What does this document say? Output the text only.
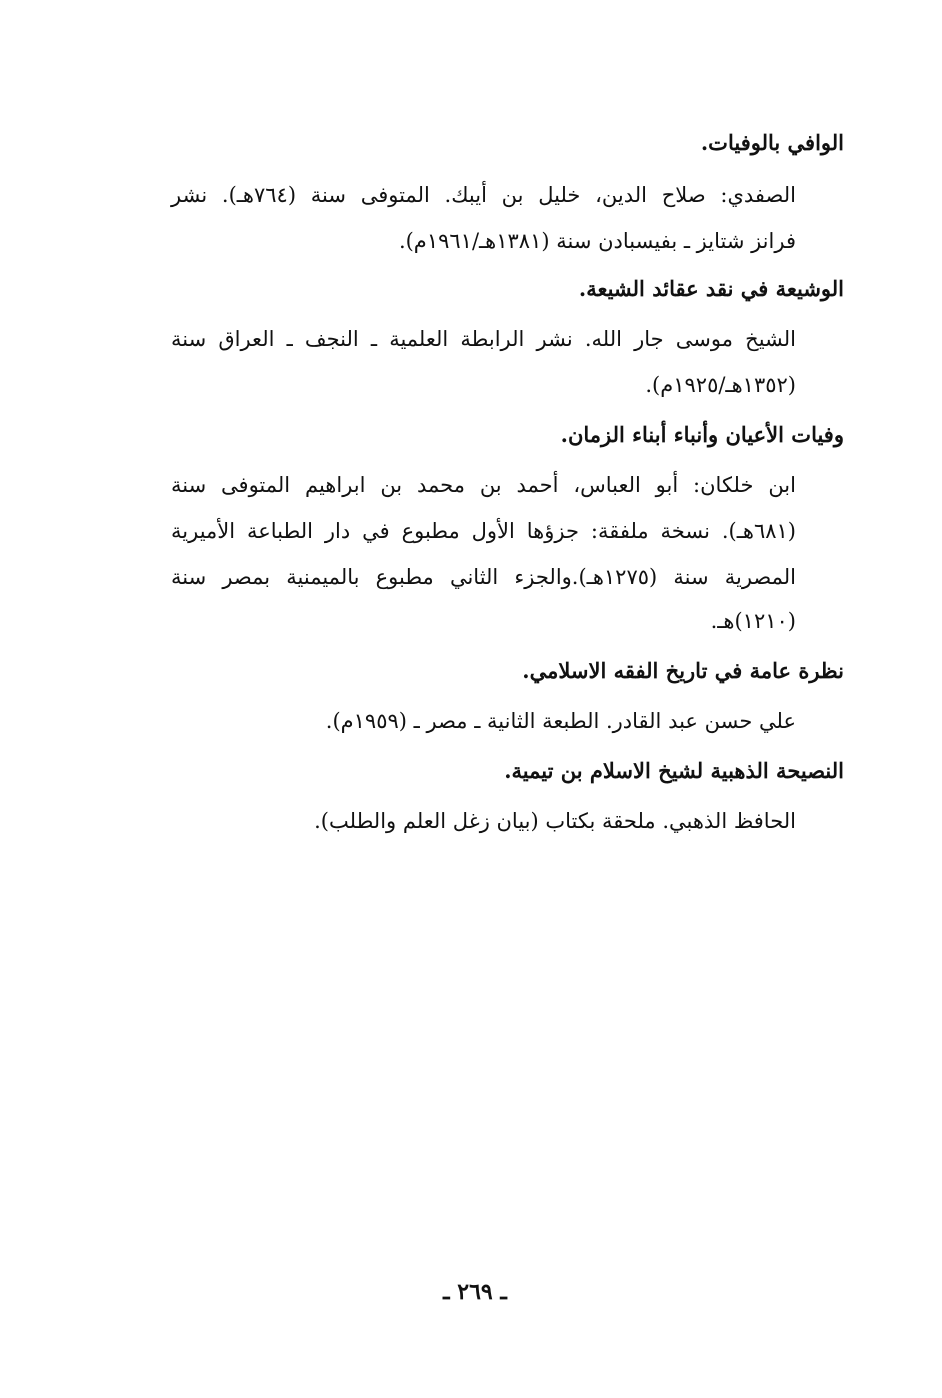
الوافي بالوفيات.
الصفدي: صلاح الدين، خليل بن أيبك. المتوفى سنة (٧٦٤هـ). نشر
فرانز شتايز ـ بفيسبادن سنة (١٣٨١هـ/١٩٦١م).
الوشيعة في نقد عقائد الشيعة.
الشيخ موسى جار الله. نشر الرابطة العلمية ـ النجف ـ العراق سنة
(١٣٥٢هـ/١٩٢٥م).
وفيات الأعيان وأنباء أبناء الزمان.
ابن خلكان: أبو العباس، أحمد بن محمد بن ابراهيم المتوفى سنة
(٦٨١هـ). نسخة ملفقة: جزؤها الأول مطبوع في دار الطباعة الأميرية
المصرية سنة (١٢٧٥هـ).والجزء الثاني مطبوع بالميمنية بمصر سنة
(١٢١٠)هـ.
نظرة عامة في تاريخ الفقه الاسلامي.
علي حسن عبد القادر. الطبعة الثانية ـ مصر ـ (١٩٥٩م).
النصيحة الذهبية لشيخ الاسلام بن تيمية.
الحافظ الذهبي. ملحقة بكتاب (بيان زغل العلم والطلب).
ـ ٢٦٩ ـ
